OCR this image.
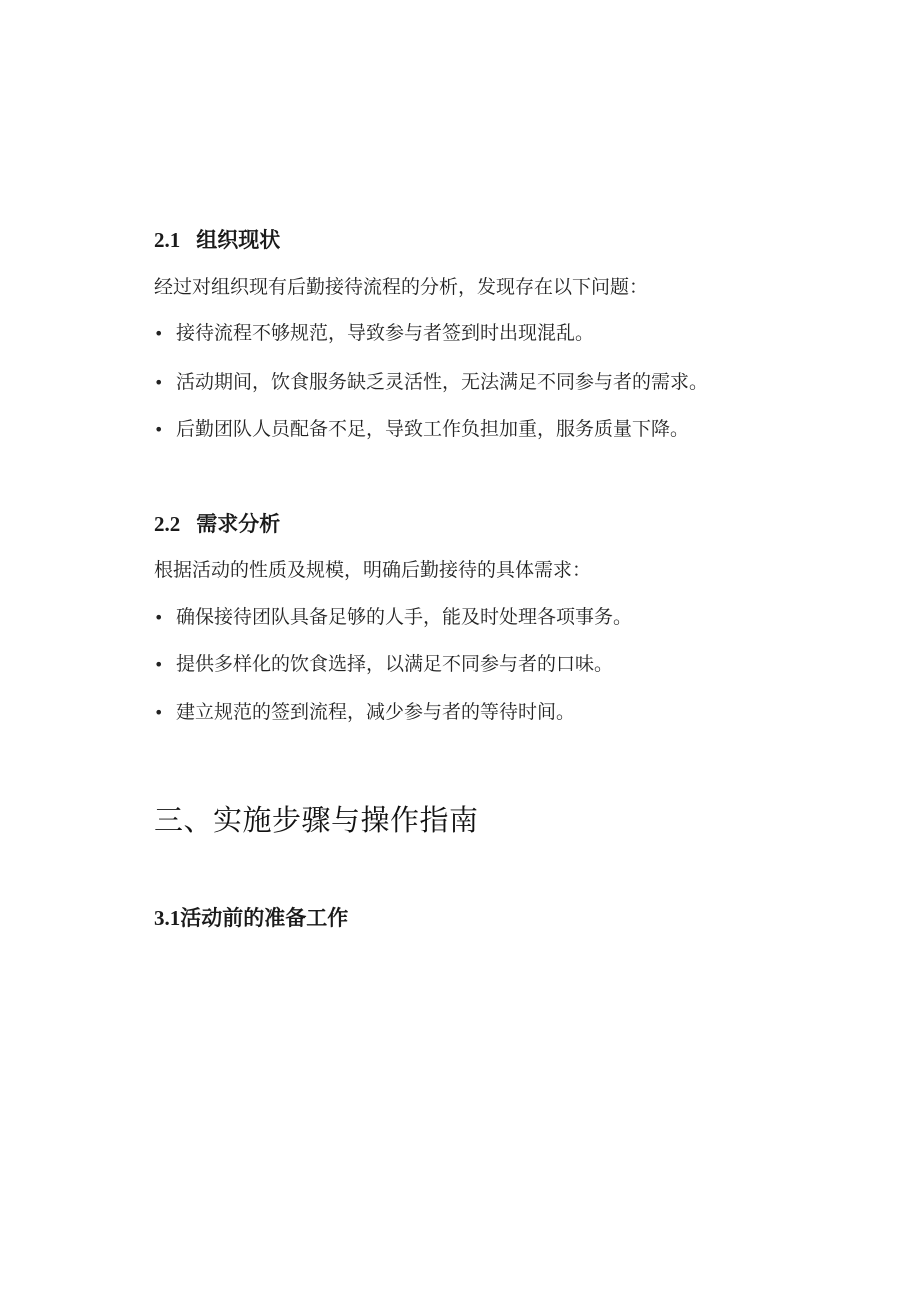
2.1 组织现状
经过对组织现有后勤接待流程的分析，发现存在以下问题：
• 接待流程不够规范，导致参与者签到时出现混乱。
• 活动期间，饮食服务缺乏灵活性，无法满足不同参与者的需求。
• 后勤团队人员配备不足，导致工作负担加重，服务质量下降。
2.2 需求分析
根据活动的性质及规模，明确后勤接待的具体需求：
• 确保接待团队具备足够的人手，能及时处理各项事务。
• 提供多样化的饮食选择，以满足不同参与者的口味。
• 建立规范的签到流程，减少参与者的等待时间。
三、实施步骤与操作指南
3.1活动前的准备工作
